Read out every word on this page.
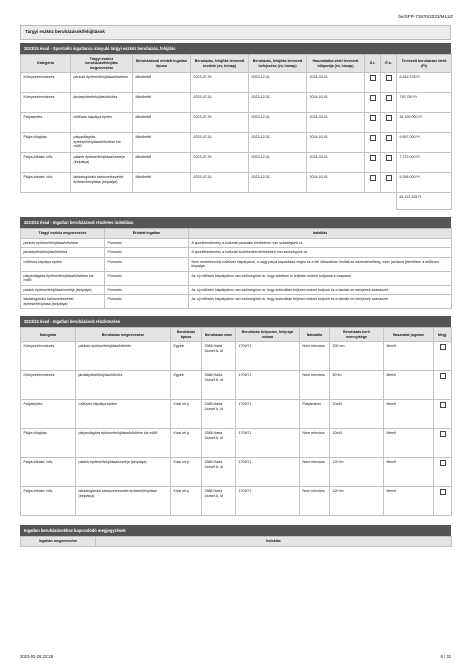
be/SFP-71970/2023/MLSZ
Tárgyi eszköz beruházások/felújítások
2023/24 évad - Sportcélú ingatlanra irányuló tárgyi eszköz beruházás, felújítás
Kategória	Tárgyi eszköz beruházás/felújítás megnevezése	Beruházással érintett ingatlan típusa	Beruházás, felújítás tervezett kezdete (év, hónap)	Beruházás, felújítás tervezett befejezése (év, hónap)	Használatba vétel tervezett időpontja (év, hónap)	Ú.t.	É.k.	Tervezett beruházási érték (Ft)
Környezetrendezés	parkoló építése/felújítása/bővítése	Mindkettő	2023-07-01	2023-12-31	2024-03-01			6 816 378 Ft
Környezetrendezés	járdaépítés/felújítás/bővítés	Mindkettő	2023-07-01	2023-12-31	2024-03-01			793 750 Ft
Pályaépítés	műfüves kispálya építés	Mindkettő	2023-07-01	2023-12-31	2024-03-01			34 199 000 Ft
Pálya világítás	pályavilágítás építése/felújítása/bővítése kis műfű	Mindkettő	2023-07-01	2023-12-31	2024-03-01			9 657 000 Ft
Pálya-infrastr. bőv.	palánk építése/felújítása/cseréje (belpálya)	Mindkettő	2023-07-01	2023-12-31	2024-03-01			7 279 000 Ft
Pálya-infrastr. bőv.	labdafogóháló tartószerkezettel építése/felújítása (belpálya)	Mindkettő	2023-07-01	2023-12-31	2024-03-01			5 395 000 Ft
								64 113 125 Ft
2023/24 évad - Ingatlan beruházások részletes indoklása
Tárgyi eszköz megnevezése	Érintett ingatlan	Indoklás
parkoló építése/felújítása/bővítése	Porosztó	A sportlétesítmény a kulturált parkolási élelékében van szükségünk rá.
járdaépítés/felújítás/bővítés	Porosztó	A sportlétesítmény a kulturált közlekedési élelékében van szükségünk rá.
műfüves kispálya építés	Porosztó	Nem rendelkezünk műfüves kispályával, a nagy pálya kapacitása véges és a téli időszakban limitált az edzéslehetőség, ezen javítana jelentősen a műfüves kispálya.
pályavilágítás építése/felújítása/bővítése kis műfű	Porosztó	Az új műfüves kispályához van szükségünk rá, hogy sötétben is teljesen edzeni tudjanak a csapatok.
palánk építése/felújítása/cseréje (belpálya)	Porosztó	Az új műfüves kispályához van szükségünk rá, hogy kulturáltan teljesen edzeni tudjunk és a labdák ne menjenek szanaszét.
labdafogóháló tartószerkezettel építése/felújítása (belpálya)	Porosztó	Az új műfüves kispályához van szükségünk rá, hogy kulturáltan teljesen edzeni tudjunk és a labdák ne menjenek szanaszét.
2023/24 évad - Ingatlan beruházások részletezése
Kategória	Beruházás megnevezése	Beruházás típusa	Beruházás címe	Beruházás helyszíne, helyrajzi száma	Naturália	Beruházás kerti mennyisége	Használat jogcíme	Megj.
Környezetrendezés	parkoló építése/felújítása/bővítés	Egyéb	3388 Harta József A. út	1709/71	Nem releváns	300 nm	Bérelt	
Környezetrendezés	járdaépítés/felújítás/bővítés	Egyéb	3388 Harta József A. út	1709/71	Nem releváns	50 fm	Bérelt	
Pályaépítés	műfüves kispálya építés	Kicsi mf.p.	3388 Harta József A. út	1709/71	Pályaméret	20x40	Bérelt	
Pálya világítás	pályavilágítás építése/felújítása/bővítése kis műfű	Kicsi mf.p.	3388 Harta József A. út	1709/71	Nem releváns	20x40	Bérelt	
Pálya-infrastr. bőv.	palánk építése/felújítása/cseréje (belpálya)	Kicsi mf.p.	3388 Harta József A. út	1709/71	Nem releváns	120 fm	Bérelt	
Pálya-infrastr. bőv.	labdafogóháló tartószerkezettel építése/felújítása (belpálya)	Kicsi mf.p.	3388 Harta József A. út	1709/71	Nem releváns	120 fm	Bérelt	
Ingatlan beruházásokhoz kapcsolódó megjegyzések
Ingatlan megnevezése	Indoklás
2023-02-28 22:28	8 / 32
